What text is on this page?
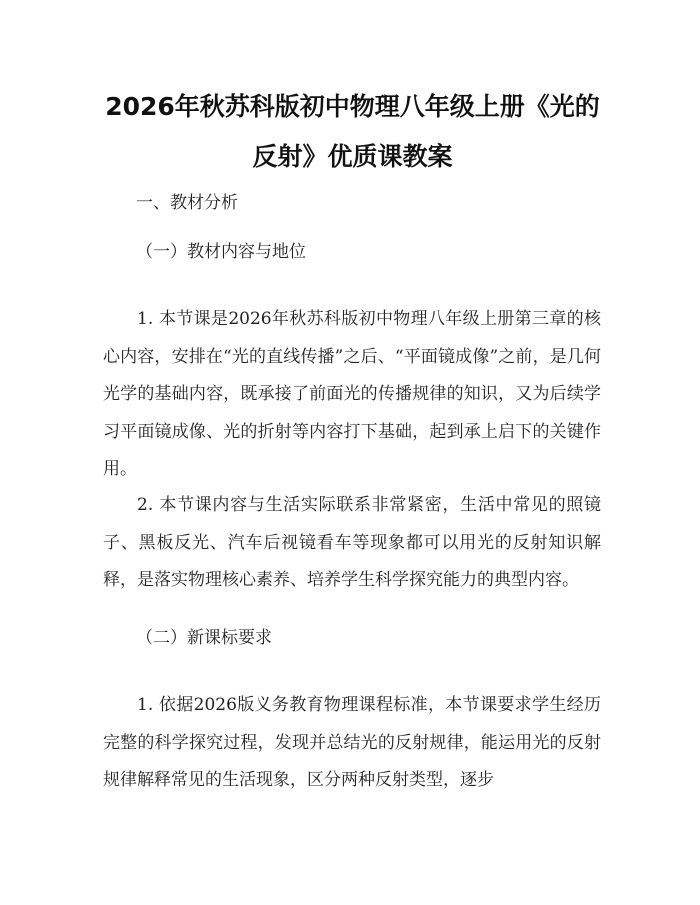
2026年秋苏科版初中物理八年级上册《光的反射》优质课教案
一、教材分析
（一）教材内容与地位

1. 本节课是2026年秋苏科版初中物理八年级上册第三章的核心内容，安排在“光的直线传播”之后、“平面镜成像”之前，是几何光学的基础内容，既承接了前面光的传播规律的知识，又为后续学习平面镜成像、光的折射等内容打下基础，起到承上启下的关键作用。

2. 本节课内容与生活实际联系非常紧密，生活中常见的照镜子、黑板反光、汽车后视镜看车等现象都可以用光的反射知识解释，是落实物理核心素养、培养学生科学探究能力的典型内容。

（二）新课标要求

1. 依据2026版义务教育物理课程标准，本节课要求学生经历完整的科学探究过程，发现并总结光的反射规律，能运用光的反射规律解释常见的生活现象，区分两种反射类型，逐步
